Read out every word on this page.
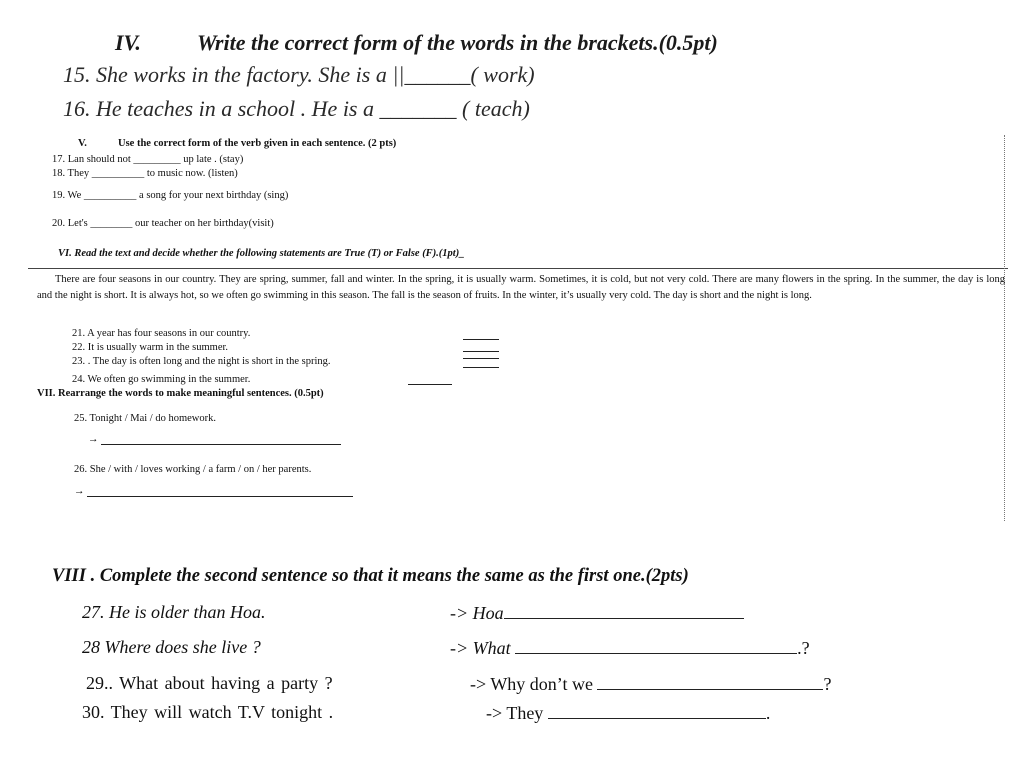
IV.	Write the correct form of the words in the brackets.(0.5pt)
15. She works in the factory. She is a ||______( work)
16. He teaches in a school . He is a _______ ( teach)
V.	Use the correct form of the verb given in each sentence. (2 pts)
17. Lan should not _________ up late . (stay)
18. They __________ to music now. (listen)
19. We __________ a song for your next birthday (sing)
20. Let's ________ our teacher on her birthday(visit)
VI. Read the text and decide whether the following statements are True (T) or False (F).(1pt)_
There are four seasons in our country. They are spring, summer, fall and winter. In the spring, it is usually warm. Sometimes, it is cold, but not very cold. There are many flowers in the spring. In the summer, the day is long and the night is short. It is always hot, so we often go swimming in this season. The fall is the season of fruits. In the winter, it’s usually very cold. The day is short and the night is long.
21. A year has four seasons in our country.
22. It is usually warm in the summer.
23. . The day is often long and the night is short in the spring.
24. We often go swimming in the summer.
VII. Rearrange the words to make meaningful sentences. (0.5pt)
25. Tonight / Mai / do homework.
→
26. She / with / loves working / a farm / on / her parents.
→
VIII . Complete the second sentence so that it means the same as the first one.(2pts)
27. He is older than Hoa.	-> Hoa
28 Where does she live ?	-> What	.?
29.. What about having a party ?	-> Why don’t we	?
30. They will watch T.V tonight .	-> They	.
